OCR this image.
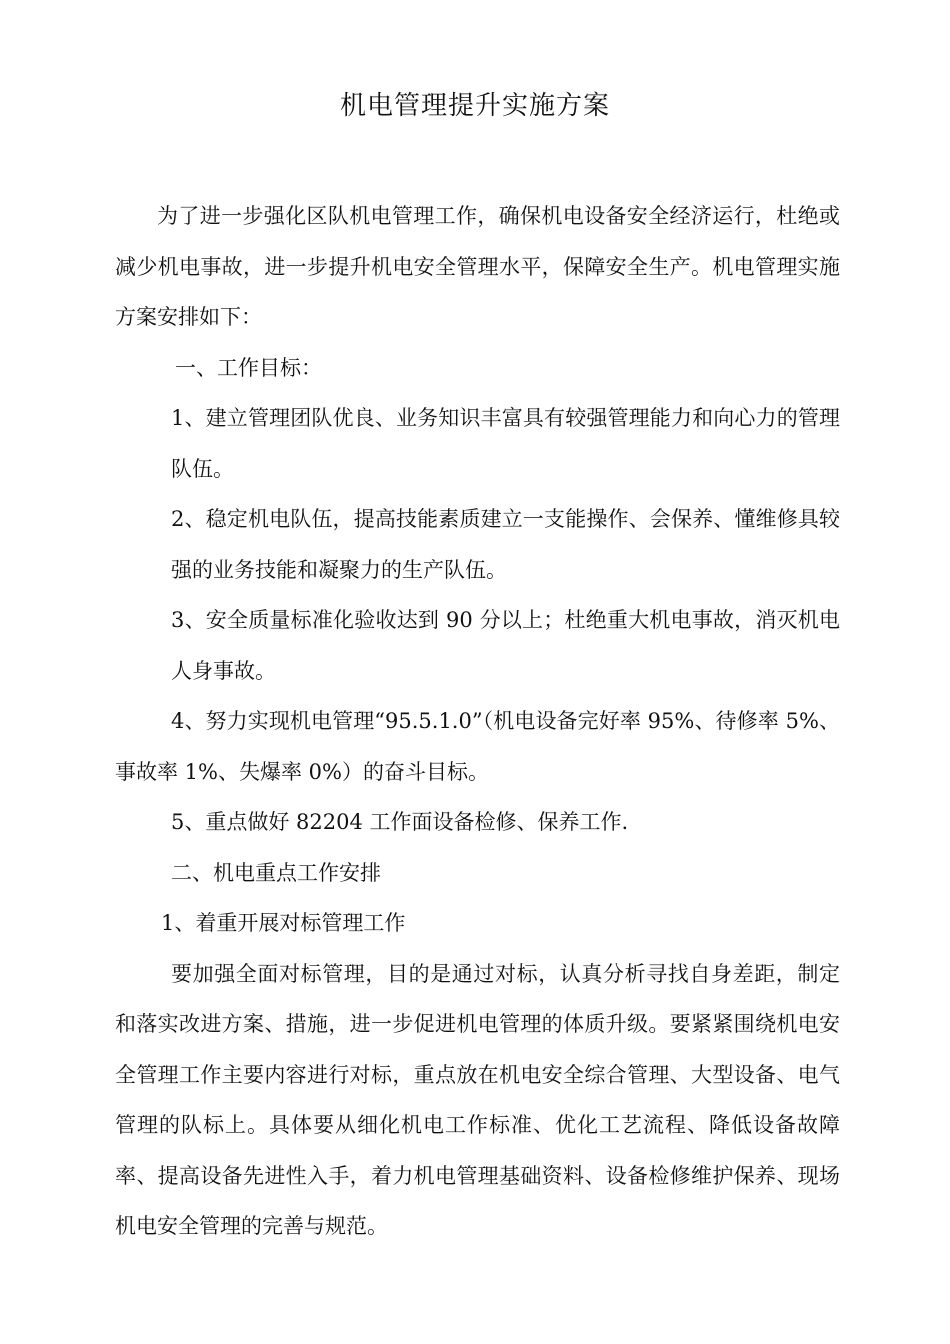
机电管理提升实施方案

为了进一步强化区队机电管理工作，确保机电设备安全经济运行，杜绝或减少机电事故，进一步提升机电安全管理水平，保障安全生产。机电管理实施方案安排如下：

一、工作目标：

1、建立管理团队优良、业务知识丰富具有较强管理能力和向心力的管理队伍。

2、稳定机电队伍，提高技能素质建立一支能操作、会保养、懂维修具较强的业务技能和凝聚力的生产队伍。

3、安全质量标准化验收达到 90 分以上；杜绝重大机电事故，消灭机电人身事故。

4、努力实现机电管理“95.5.1.0”（机电设备完好率 95%、待修率 5%、事故率 1%、失爆率 0%）的奋斗目标。

5、重点做好 82204 工作面设备检修、保养工作.

二、机电重点工作安排

1、着重开展对标管理工作

要加强全面对标管理，目的是通过对标，认真分析寻找自身差距，制定和落实改进方案、措施，进一步促进机电管理的体质升级。要紧紧围绕机电安全管理工作主要内容进行对标，重点放在机电安全综合管理、大型设备、电气管理的队标上。具体要从细化机电工作标准、优化工艺流程、降低设备故障率、提高设备先进性入手，着力机电管理基础资料、设备检修维护保养、现场机电安全管理的完善与规范。
